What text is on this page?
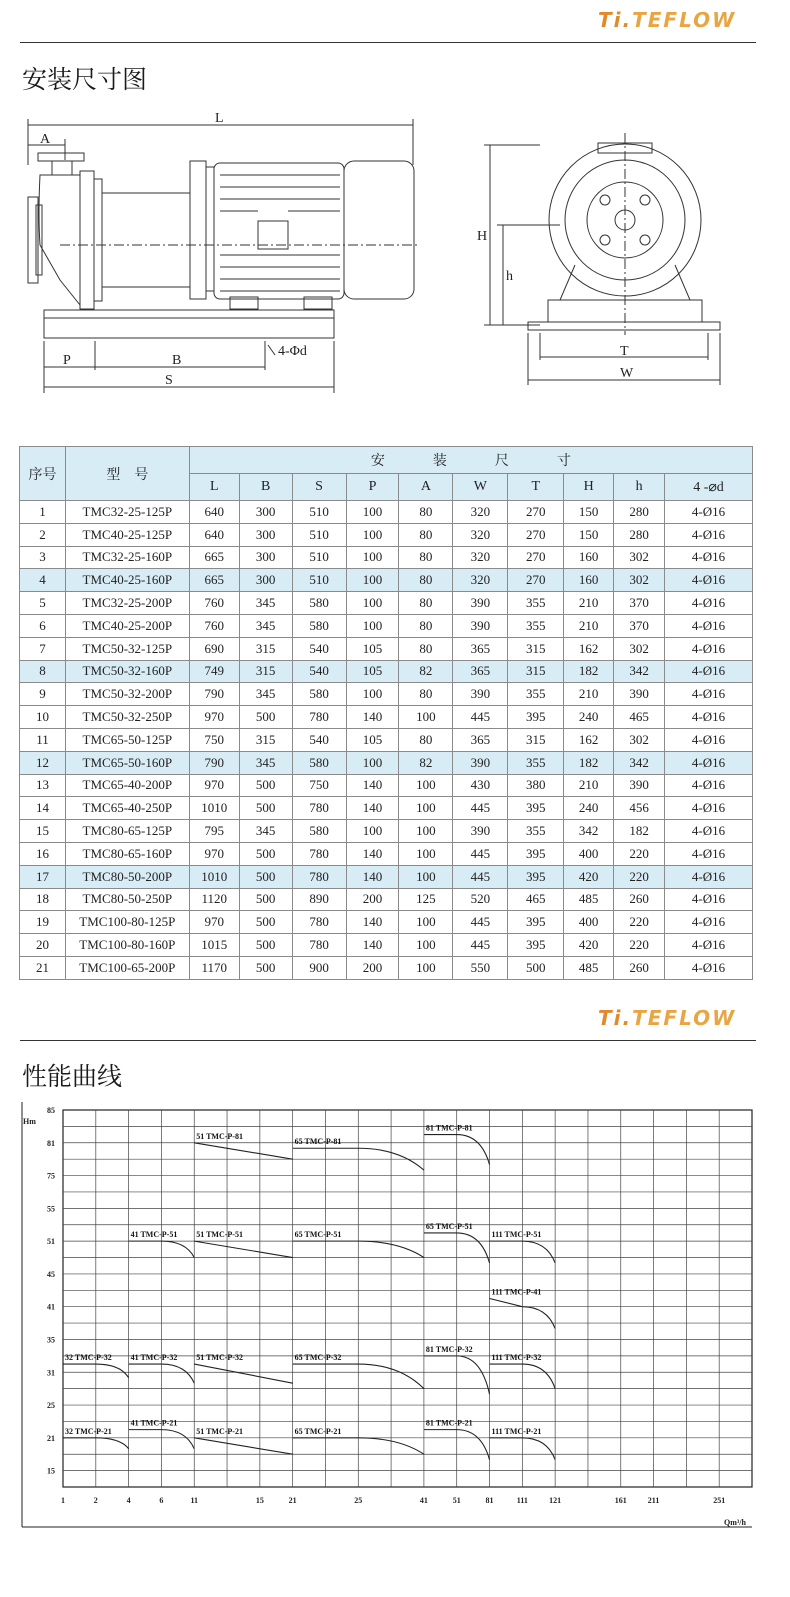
Ti.TEFLOW
安装尺寸图
L
A
P	B
S
4-Φd
H
h
T
W
序号	型　号	安装尺寸									
		L	B	S	P	A	W	T	H	h	4 -⌀d
1	TMC32-25-125P	640	300	510	100	80	320	270	150	280	4-Ø16
2	TMC40-25-125P	640	300	510	100	80	320	270	150	280	4-Ø16
3	TMC32-25-160P	665	300	510	100	80	320	270	160	302	4-Ø16
4	TMC40-25-160P	665	300	510	100	80	320	270	160	302	4-Ø16
5	TMC32-25-200P	760	345	580	100	80	390	355	210	370	4-Ø16
6	TMC40-25-200P	760	345	580	100	80	390	355	210	370	4-Ø16
7	TMC50-32-125P	690	315	540	105	80	365	315	162	302	4-Ø16
8	TMC50-32-160P	749	315	540	105	82	365	315	182	342	4-Ø16
9	TMC50-32-200P	790	345	580	100	80	390	355	210	390	4-Ø16
10	TMC50-32-250P	970	500	780	140	100	445	395	240	465	4-Ø16
11	TMC65-50-125P	750	315	540	105	80	365	315	162	302	4-Ø16
12	TMC65-50-160P	790	345	580	100	82	390	355	182	342	4-Ø16
13	TMC65-40-200P	970	500	750	140	100	430	380	210	390	4-Ø16
14	TMC65-40-250P	1010	500	780	140	100	445	395	240	456	4-Ø16
15	TMC80-65-125P	795	345	580	100	100	390	355	342	182	4-Ø16
16	TMC80-65-160P	970	500	780	140	100	445	395	400	220	4-Ø16
17	TMC80-50-200P	1010	500	780	140	100	445	395	420	220	4-Ø16
18	TMC80-50-250P	1120	500	890	200	125	520	465	485	260	4-Ø16
19	TMC100-80-125P	970	500	780	140	100	445	395	400	220	4-Ø16
20	TMC100-80-160P	1015	500	780	140	100	445	395	420	220	4-Ø16
21	TMC100-65-200P	1170	500	900	200	100	550	500	485	260	4-Ø16
Ti.TEFLOW
性能曲线
85
81
75
55
51
45
41
35
31
25
21
15
1	2	4	6	11	15	21	25	41	51	81	111	121	161	211	251
Hm
Qm³/h
51 TMC-P-81
65 TMC-P-81
81 TMC-P-81
41 TMC-P-51 51 TMC-P-51	65 TMC-P-51
65 TMC-P-51
111 TMC-P-51
111 TMC-P-41
32 TMC-P-32 41 TMC-P-32 51 TMC-P-32	65 TMC-P-32
81 TMC-P-32
111 TMC-P-32
32 TMC-P-21
41 TMC-P-21
51 TMC-P-21	65 TMC-P-21
81 TMC-P-21
111 TMC-P-21
